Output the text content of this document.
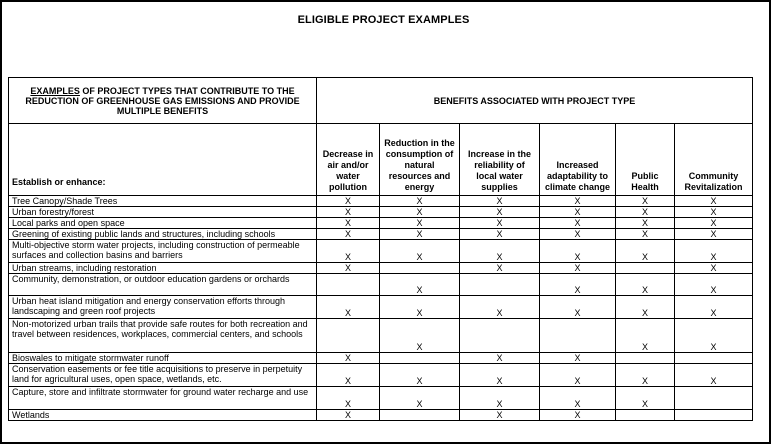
ELIGIBLE PROJECT EXAMPLES
EXAMPLES OF PROJECT TYPES THAT CONTRIBUTE TO THE REDUCTION OF GREENHOUSE GAS EMISSIONS AND PROVIDE MULTIPLE BENEFITS	BENEFITS ASSOCIATED WITH PROJECT TYPE					
Establish or enhance:	Decrease in air and/or water pollution	Reduction in the consumption of natural resources and energy	Increase in the reliability of local water supplies	Increased adaptability to climate change	Public Health	Community Revitalization
Tree Canopy/Shade Trees	X	X	X	X	X	X
Urban forestry/forest	X	X	X	X	X	X
Local parks and open space	X	X	X	X	X	X
Greening of existing public lands and structures, including schools	X	X	X	X	X	X
Multi-objective storm water projects, including construction of permeable surfaces and collection basins and barriers	X	X	X	X	X	X
Urban streams, including restoration	X		X	X		X
Community, demonstration, or outdoor education gardens or orchards		X		X	X	X
Urban heat island mitigation and energy conservation efforts through landscaping and green roof projects	X	X	X	X	X	X
Non-motorized urban trails that provide safe routes for both recreation and travel between residences, workplaces, commercial centers, and schools		X			X	X
Bioswales to mitigate stormwater runoff	X		X	X		
Conservation easements or fee title acquisitions to preserve in perpetuity land for agricultural uses, open space, wetlands, etc.	X	X	X	X	X	X
Capture, store and infiltrate stormwater for ground water recharge and use	X	X	X	X	X	
Wetlands	X		X	X		
